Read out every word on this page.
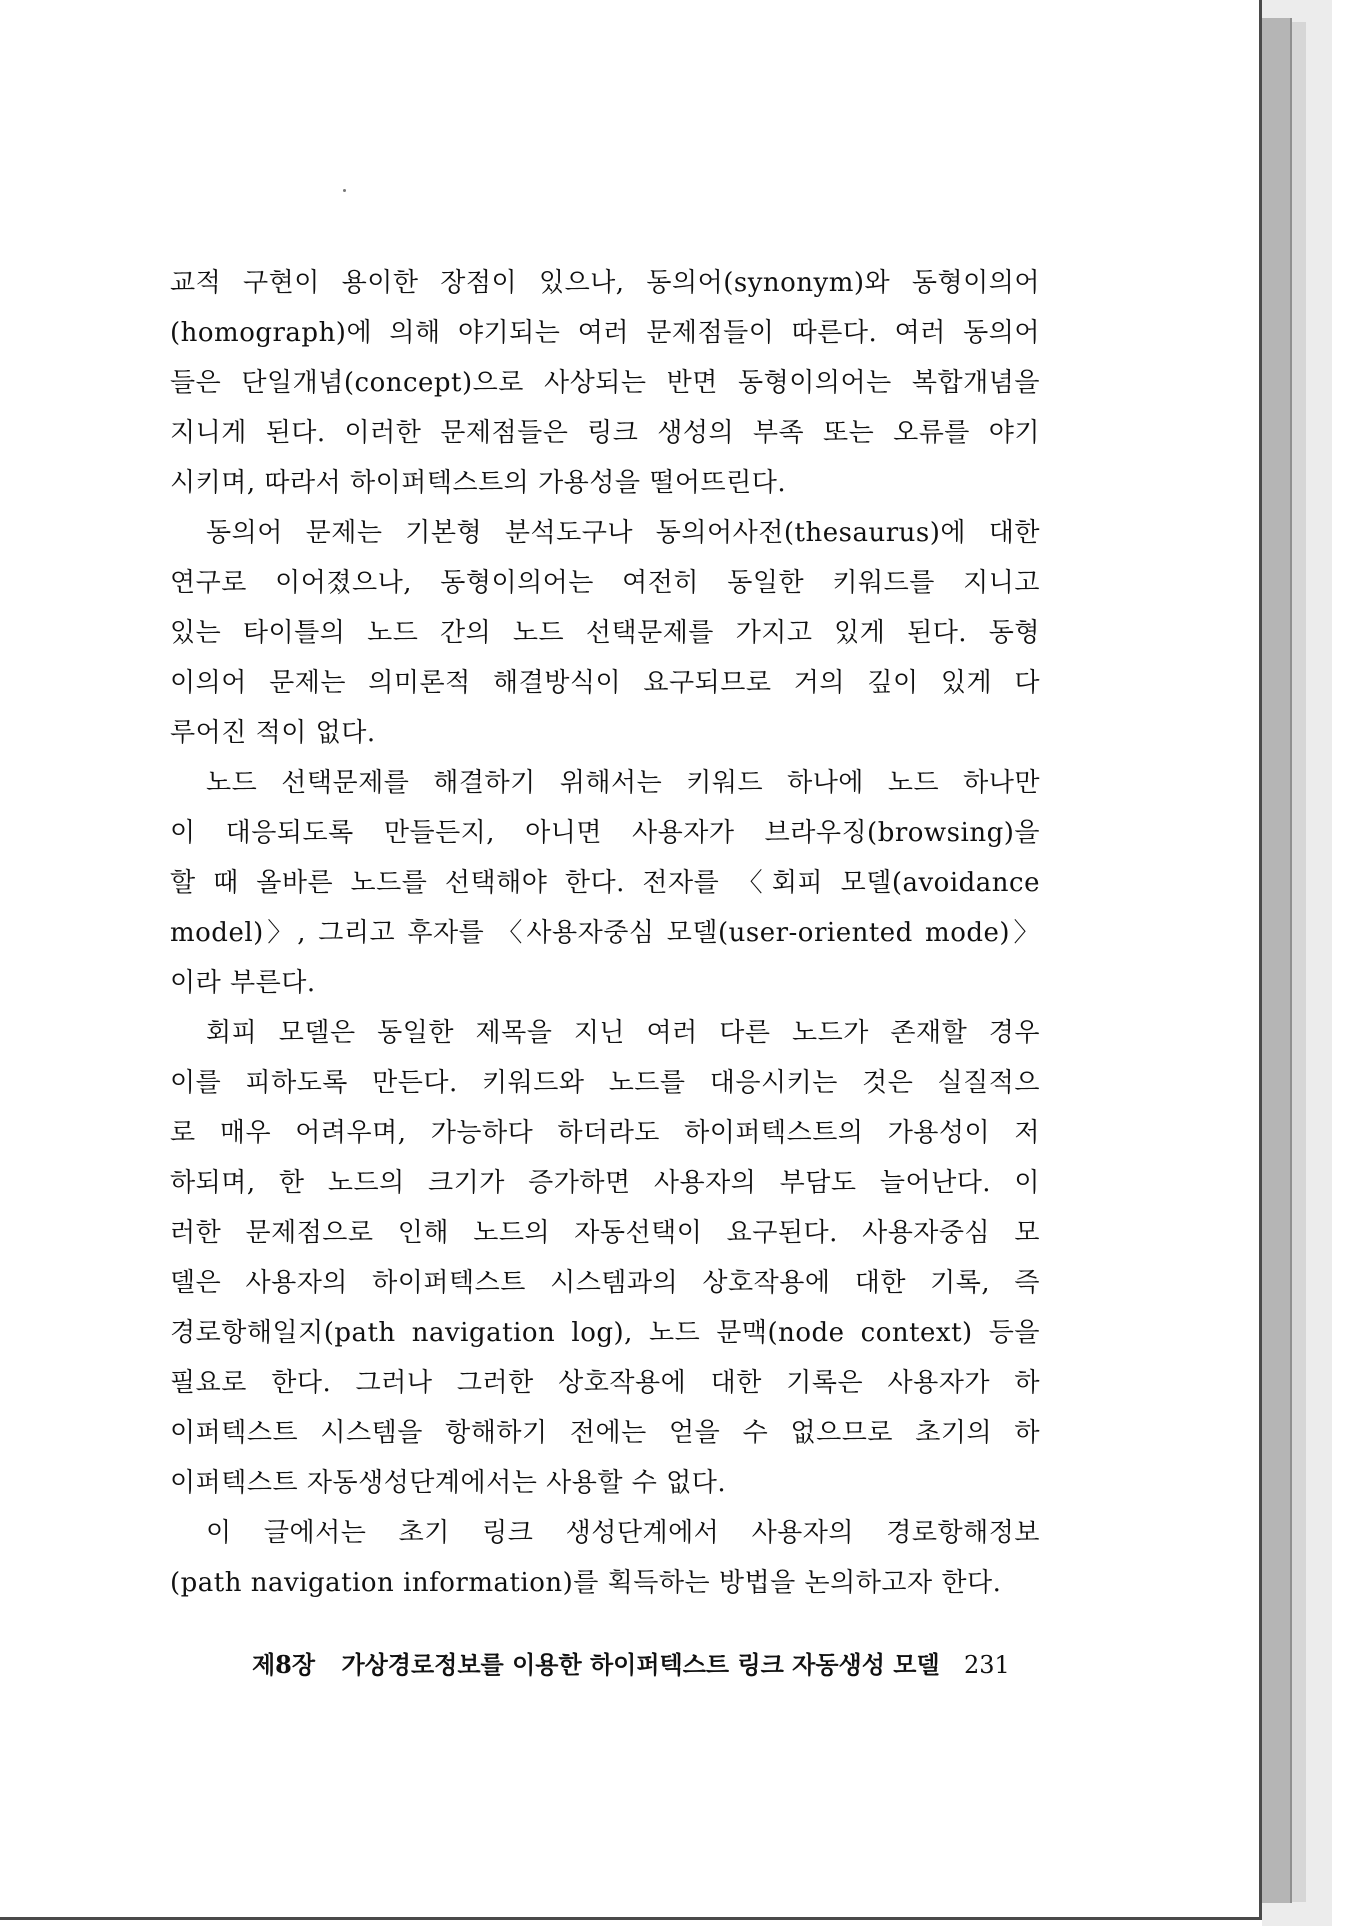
교적 구현이 용이한 장점이 있으나, 동의어(synonym)와 동형이의어
(homograph)에 의해 야기되는 여러 문제점들이 따른다. 여러 동의어
들은 단일개념(concept)으로 사상되는 반면 동형이의어는 복합개념을
지니게 된다. 이러한 문제점들은 링크 생성의 부족 또는 오류를 야기
시키며, 따라서 하이퍼텍스트의 가용성을 떨어뜨린다.
동의어 문제는 기본형 분석도구나 동의어사전(thesaurus)에 대한
연구로 이어졌으나, 동형이의어는 여전히 동일한 키워드를 지니고
있는 타이틀의 노드 간의 노드 선택문제를 가지고 있게 된다. 동형
이의어 문제는 의미론적 해결방식이 요구되므로 거의 깊이 있게 다
루어진 적이 없다.
노드 선택문제를 해결하기 위해서는 키워드 하나에 노드 하나만
이 대응되도록 만들든지, 아니면 사용자가 브라우징(browsing)을
할 때 올바른 노드를 선택해야 한다. 전자를 〈회피 모델(avoidance
model)〉, 그리고 후자를 〈사용자중심 모델(user-oriented mode)〉
이라 부른다.
회피 모델은 동일한 제목을 지닌 여러 다른 노드가 존재할 경우
이를 피하도록 만든다. 키워드와 노드를 대응시키는 것은 실질적으
로 매우 어려우며, 가능하다 하더라도 하이퍼텍스트의 가용성이 저
하되며, 한 노드의 크기가 증가하면 사용자의 부담도 늘어난다. 이
러한 문제점으로 인해 노드의 자동선택이 요구된다. 사용자중심 모
델은 사용자의 하이퍼텍스트 시스템과의 상호작용에 대한 기록, 즉
경로항해일지(path navigation log), 노드 문맥(node context) 등을
필요로 한다. 그러나 그러한 상호작용에 대한 기록은 사용자가 하
이퍼텍스트 시스템을 항해하기 전에는 얻을 수 없으므로 초기의 하
이퍼텍스트 자동생성단계에서는 사용할 수 없다.
이 글에서는 초기 링크 생성단계에서 사용자의 경로항해정보
(path navigation information)를 획득하는 방법을 논의하고자 한다.
제8장 가상경로정보를 이용한 하이퍼텍스트 링크 자동생성 모델 231
